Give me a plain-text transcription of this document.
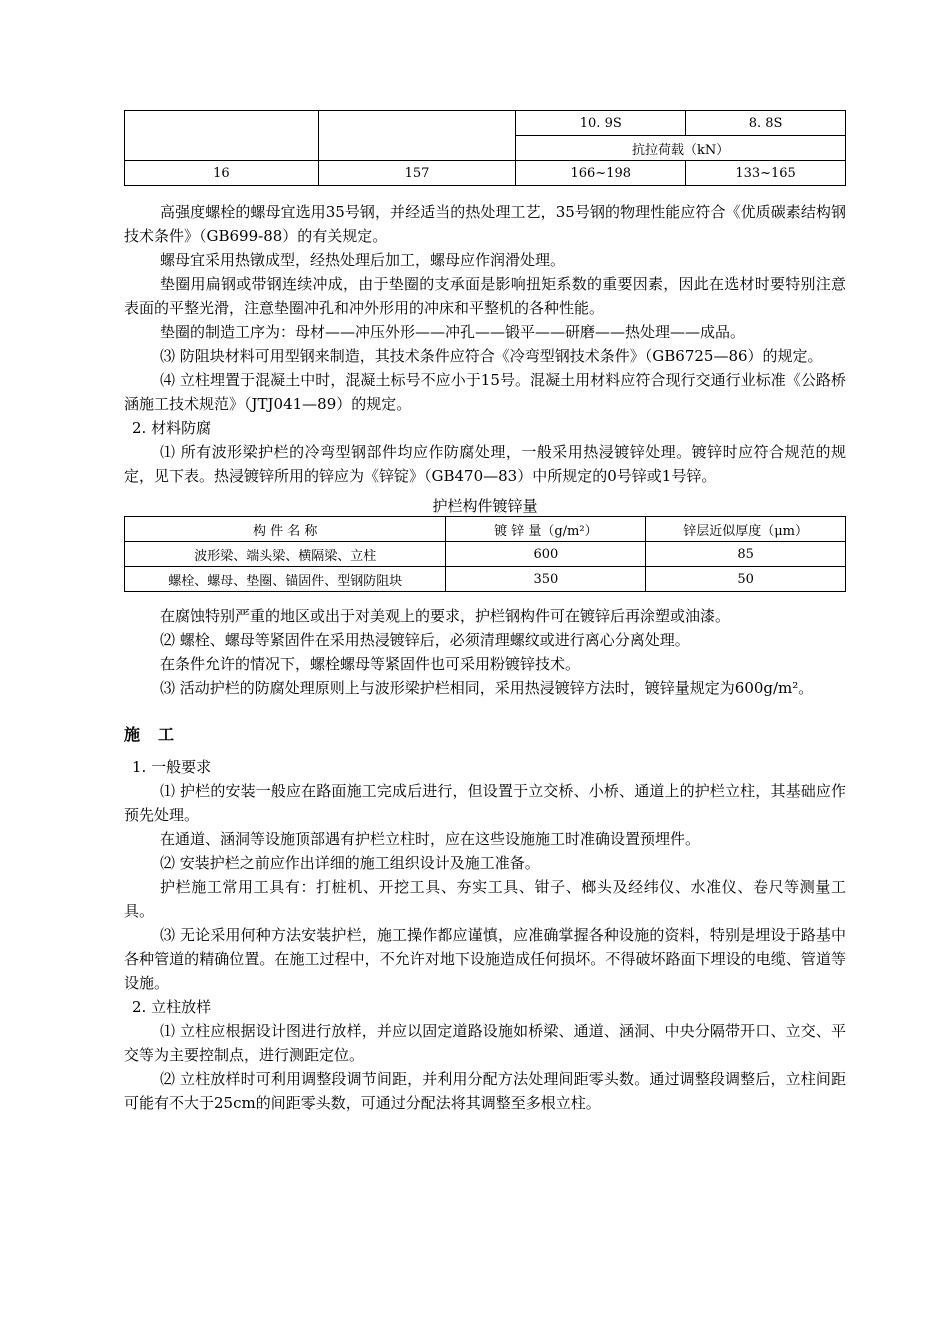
		10. 9S	8. 8S
		抗拉荷载（kN）	
16	157	166~198	133~165

高强度螺栓的螺母宜选用35号钢，并经适当的热处理工艺，35号钢的物理性能应符合《优质碳素结构钢技术条件》（GB699-88）的有关规定。

螺母宜采用热镦成型，经热处理后加工，螺母应作润滑处理。

垫圈用扁钢或带钢连续冲成，由于垫圈的支承面是影响扭矩系数的重要因素，因此在选材时要特别注意表面的平整光滑，注意垫圈冲孔和冲外形用的冲床和平整机的各种性能。

垫圈的制造工序为：母材——冲压外形——冲孔——锻平——研磨——热处理——成品。

⑶ 防阻块材料可用型钢来制造，其技术条件应符合《冷弯型钢技术条件》（GB6725—86）的规定。

⑷ 立柱埋置于混凝土中时，混凝土标号不应小于15号。混凝土用材料应符合现行交通行业标准《公路桥涵施工技术规范》（JTJ041—89）的规定。

2. 材料防腐

⑴ 所有波形梁护栏的冷弯型钢部件均应作防腐处理，一般采用热浸镀锌处理。镀锌时应符合规范的规定，见下表。热浸镀锌所用的锌应为《锌锭》（GB470—83）中所规定的0号锌或1号锌。

护栏构件镀锌量
构 件 名 称	镀 锌 量（g/m²）	锌层近似厚度（μm）
波形梁、端头梁、横隔梁、立柱	600	85
螺栓、螺母、垫圈、锚固件、型钢防阻块	350	50

在腐蚀特别严重的地区或出于对美观上的要求，护栏钢构件可在镀锌后再涂塑或油漆。

⑵ 螺栓、螺母等紧固件在采用热浸镀锌后，必须清理螺纹或进行离心分离处理。

在条件允许的情况下，螺栓螺母等紧固件也可采用粉镀锌技术。

⑶ 活动护栏的防腐处理原则上与波形梁护栏相同，采用热浸镀锌方法时，镀锌量规定为600g/m²。

施　工

1. 一般要求

⑴ 护栏的安装一般应在路面施工完成后进行，但设置于立交桥、小桥、通道上的护栏立柱，其基础应作预先处理。

在通道、涵洞等设施顶部遇有护栏立柱时，应在这些设施施工时准确设置预埋件。

⑵ 安装护栏之前应作出详细的施工组织设计及施工准备。

护栏施工常用工具有：打桩机、开挖工具、夯实工具、钳子、榔头及经纬仪、水准仪、卷尺等测量工具。

⑶ 无论采用何种方法安装护栏，施工操作都应谨慎，应准确掌握各种设施的资料，特别是埋设于路基中各种管道的精确位置。在施工过程中，不允许对地下设施造成任何损坏。不得破坏路面下埋设的电缆、管道等设施。

2. 立柱放样

⑴ 立柱应根据设计图进行放样，并应以固定道路设施如桥梁、通道、涵洞、中央分隔带开口、立交、平交等为主要控制点，进行测距定位。

⑵ 立柱放样时可利用调整段调节间距，并利用分配方法处理间距零头数。通过调整段调整后，立柱间距可能有不大于25cm的间距零头数，可通过分配法将其调整至多根立柱。
